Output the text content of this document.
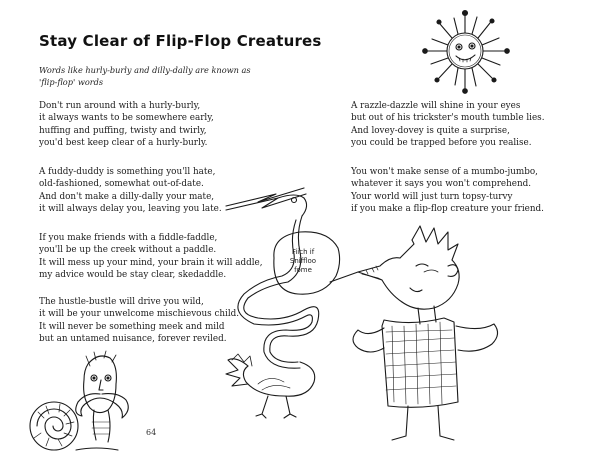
Stay Clear of Flip-Flop Creatures
Words like hurly-burly and dilly-dally are known as
'flip-flop' words
Don't run around with a hurly-burly,
it always wants to be somewhere early,
huffing and puffing, twisty and twirly,
you'd best keep clear of a hurly-burly.
A fuddy-duddy is something you'll hate,
old-fashioned, somewhat out-of-date.
And don't make a dilly-dally your mate,
it will always delay you, leaving you late.
If you make friends with a fiddle-faddle,
you'll be up the creek without a paddle.
It will mess up your mind, your brain it will addle,
my advice would be stay clear, skedaddle.
The hustle-bustle will drive you wild,
it will be your unwelcome mischievous child.
It will never be something meek and mild
but an untamed nuisance, forever reviled.
A razzle-dazzle will shine in your eyes
but out of his trickster's mouth tumble lies.
And lovey-dovey is quite a surprise,
you could be trapped before you realise.
You won't make sense of a mumbo-jumbo,
whatever it says you won't comprehend.
Your world will just turn topsy-turvy
if you make a flip-flop creature your friend.
Fiich if
Sniffloo
fome
64
